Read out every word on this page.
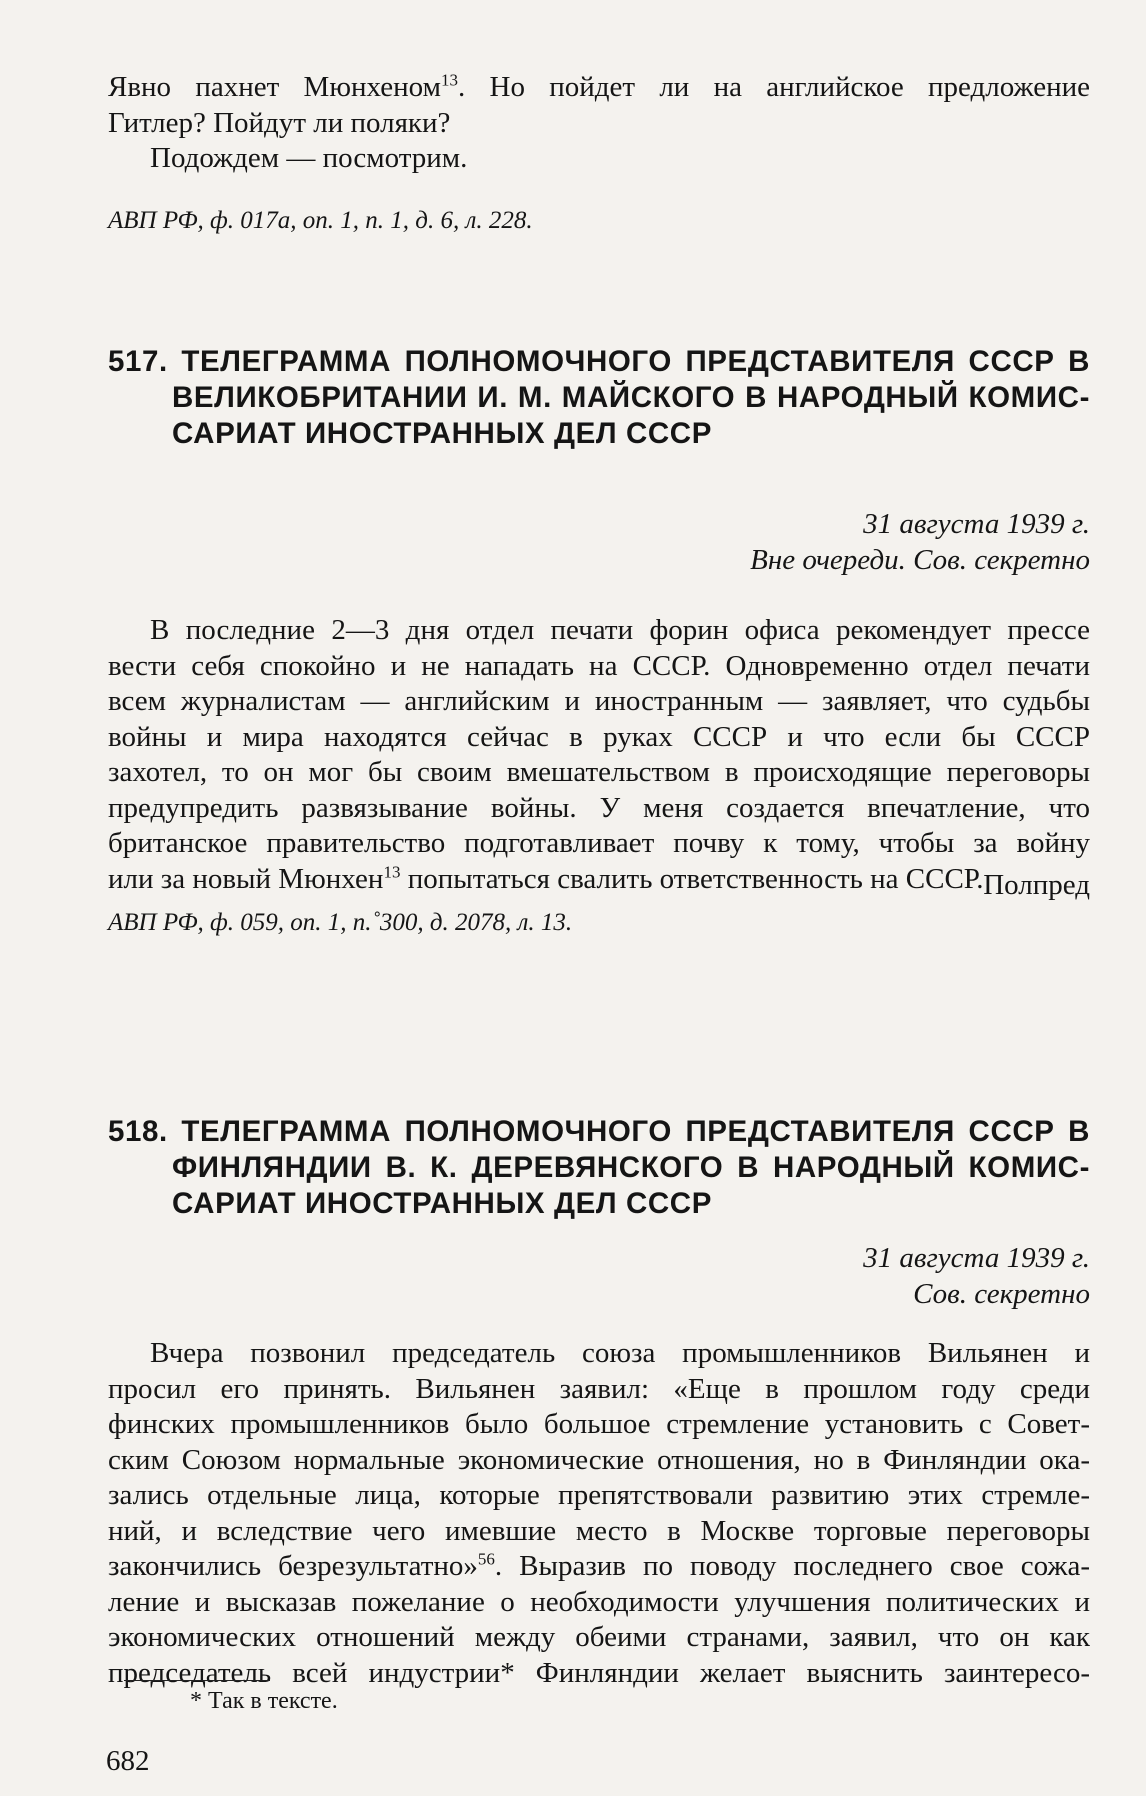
Явно пахнет Мюнхеном$^{13}$. Но пойдет ли на английское предложение
Гитлер? Пойдут ли поляки?
Подождем — посмотрим.

АВП РФ, ф. 017а, оп. 1, п. 1, д. 6, л. 228.

517. ТЕЛЕГРАММА ПОЛНОМОЧНОГО ПРЕДСТАВИТЕЛЯ СССР В
ВЕЛИКОБРИТАНИИ И. М. МАЙСКОГО В НАРОДНЫЙ КОМИС-
САРИАТ ИНОСТРАННЫХ ДЕЛ СССР

31 августа 1939 г.

Вне очереди. Сов. секретно

В последние 2—3 дня отдел печати форин офиса рекомендует прессе
вести себя спокойно и не нападать на СССР. Одновременно отдел печати
всем журналистам — английским и иностранным — заявляет, что судьбы
войны и мира находятся сейчас в руках СССР и что если бы СССР
захотел, то он мог бы своим вмешательством в происходящие переговоры
предупредить развязывание войны. У меня создается впечатление, что
британское правительство подготавливает почву к тому, чтобы за войну
или за новый Мюнхен$^{13}$ попытаться свалить ответственность на СССР. Полпред

АВП РФ, ф. 059, оп. 1, п.˚300, д. 2078, л. 13.

518. ТЕЛЕГРАММА ПОЛНОМОЧНОГО ПРЕДСТАВИТЕЛЯ СССР В
ФИНЛЯНДИИ В. К. ДЕРЕВЯНСКОГО В НАРОДНЫЙ КОМИС-
САРИАТ ИНОСТРАННЫХ ДЕЛ СССР

31 августа 1939 г.

Сов. секретно

Вчера позвонил председатель союза промышленников Вильянен и
просил его принять. Вильянен заявил: «Еще в прошлом году среди
финских промышленников было большое стремление установить с Совет-
ским Союзом нормальные экономические отношения, но в Финляндии ока-
зались отдельные лица, которые препятствовали развитию этих стремле-
ний, и вследствие чего имевшие место в Москве торговые переговоры
закончились безрезультатно»$^{56}$. Выразив по поводу последнего свое сожа-
ление и высказав пожелание о необходимости улучшения политических и
экономических отношений между обеими странами, заявил, что он как
председатель всей индустрии* Финляндии желает выяснить заинтересо-

* Так в тексте.

682
